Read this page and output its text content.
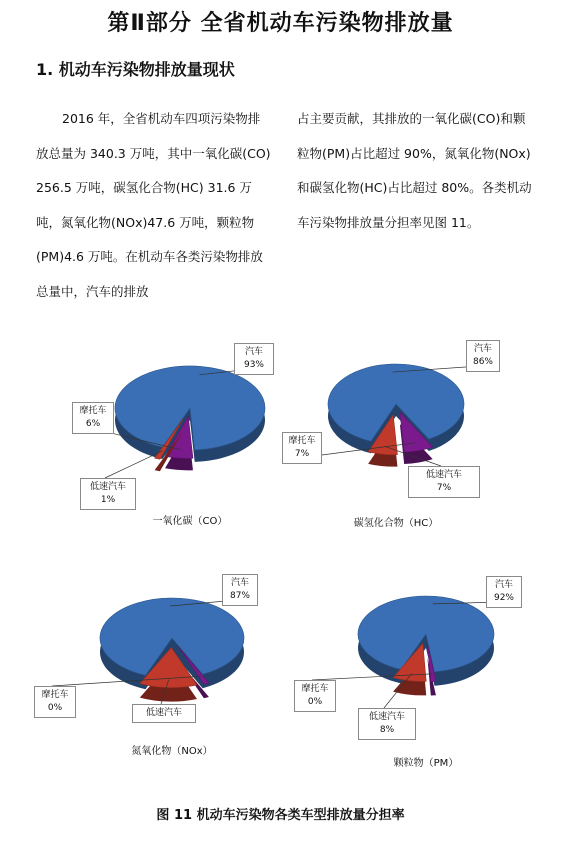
第Ⅱ部分 全省机动车污染物排放量
1. 机动车污染物排放量现状
2016 年，全省机动车四项污染物排放总量为 340.3 万吨，其中一氧化碳(CO) 256.5 万吨，碳氢化合物(HC) 31.6 万吨，氮氧化物(NOx)47.6 万吨，颗粒物(PM)4.6 万吨。在机动车各类污染物排放总量中，汽车的排放
占主要贡献，其排放的一氧化碳(CO)和颗粒物(PM)占比超过 90%，氮氧化物(NOx)和碳氢化物(HC)占比超过 80%。各类机动车污染物排放量分担率见图 11。
汽车
93%
摩托车
6%
低速汽车
1%
一氧化碳（CO）
汽车
86%
摩托车
7%
低速汽车
7%
碳氢化合物（HC）
汽车
87%
摩托车
0%	低速汽车
氮氧化物（NOx）
汽车
92%
摩托车
0%
低速汽车
8%
颗粒物（PM）
图 11 机动车污染物各类车型排放量分担率
